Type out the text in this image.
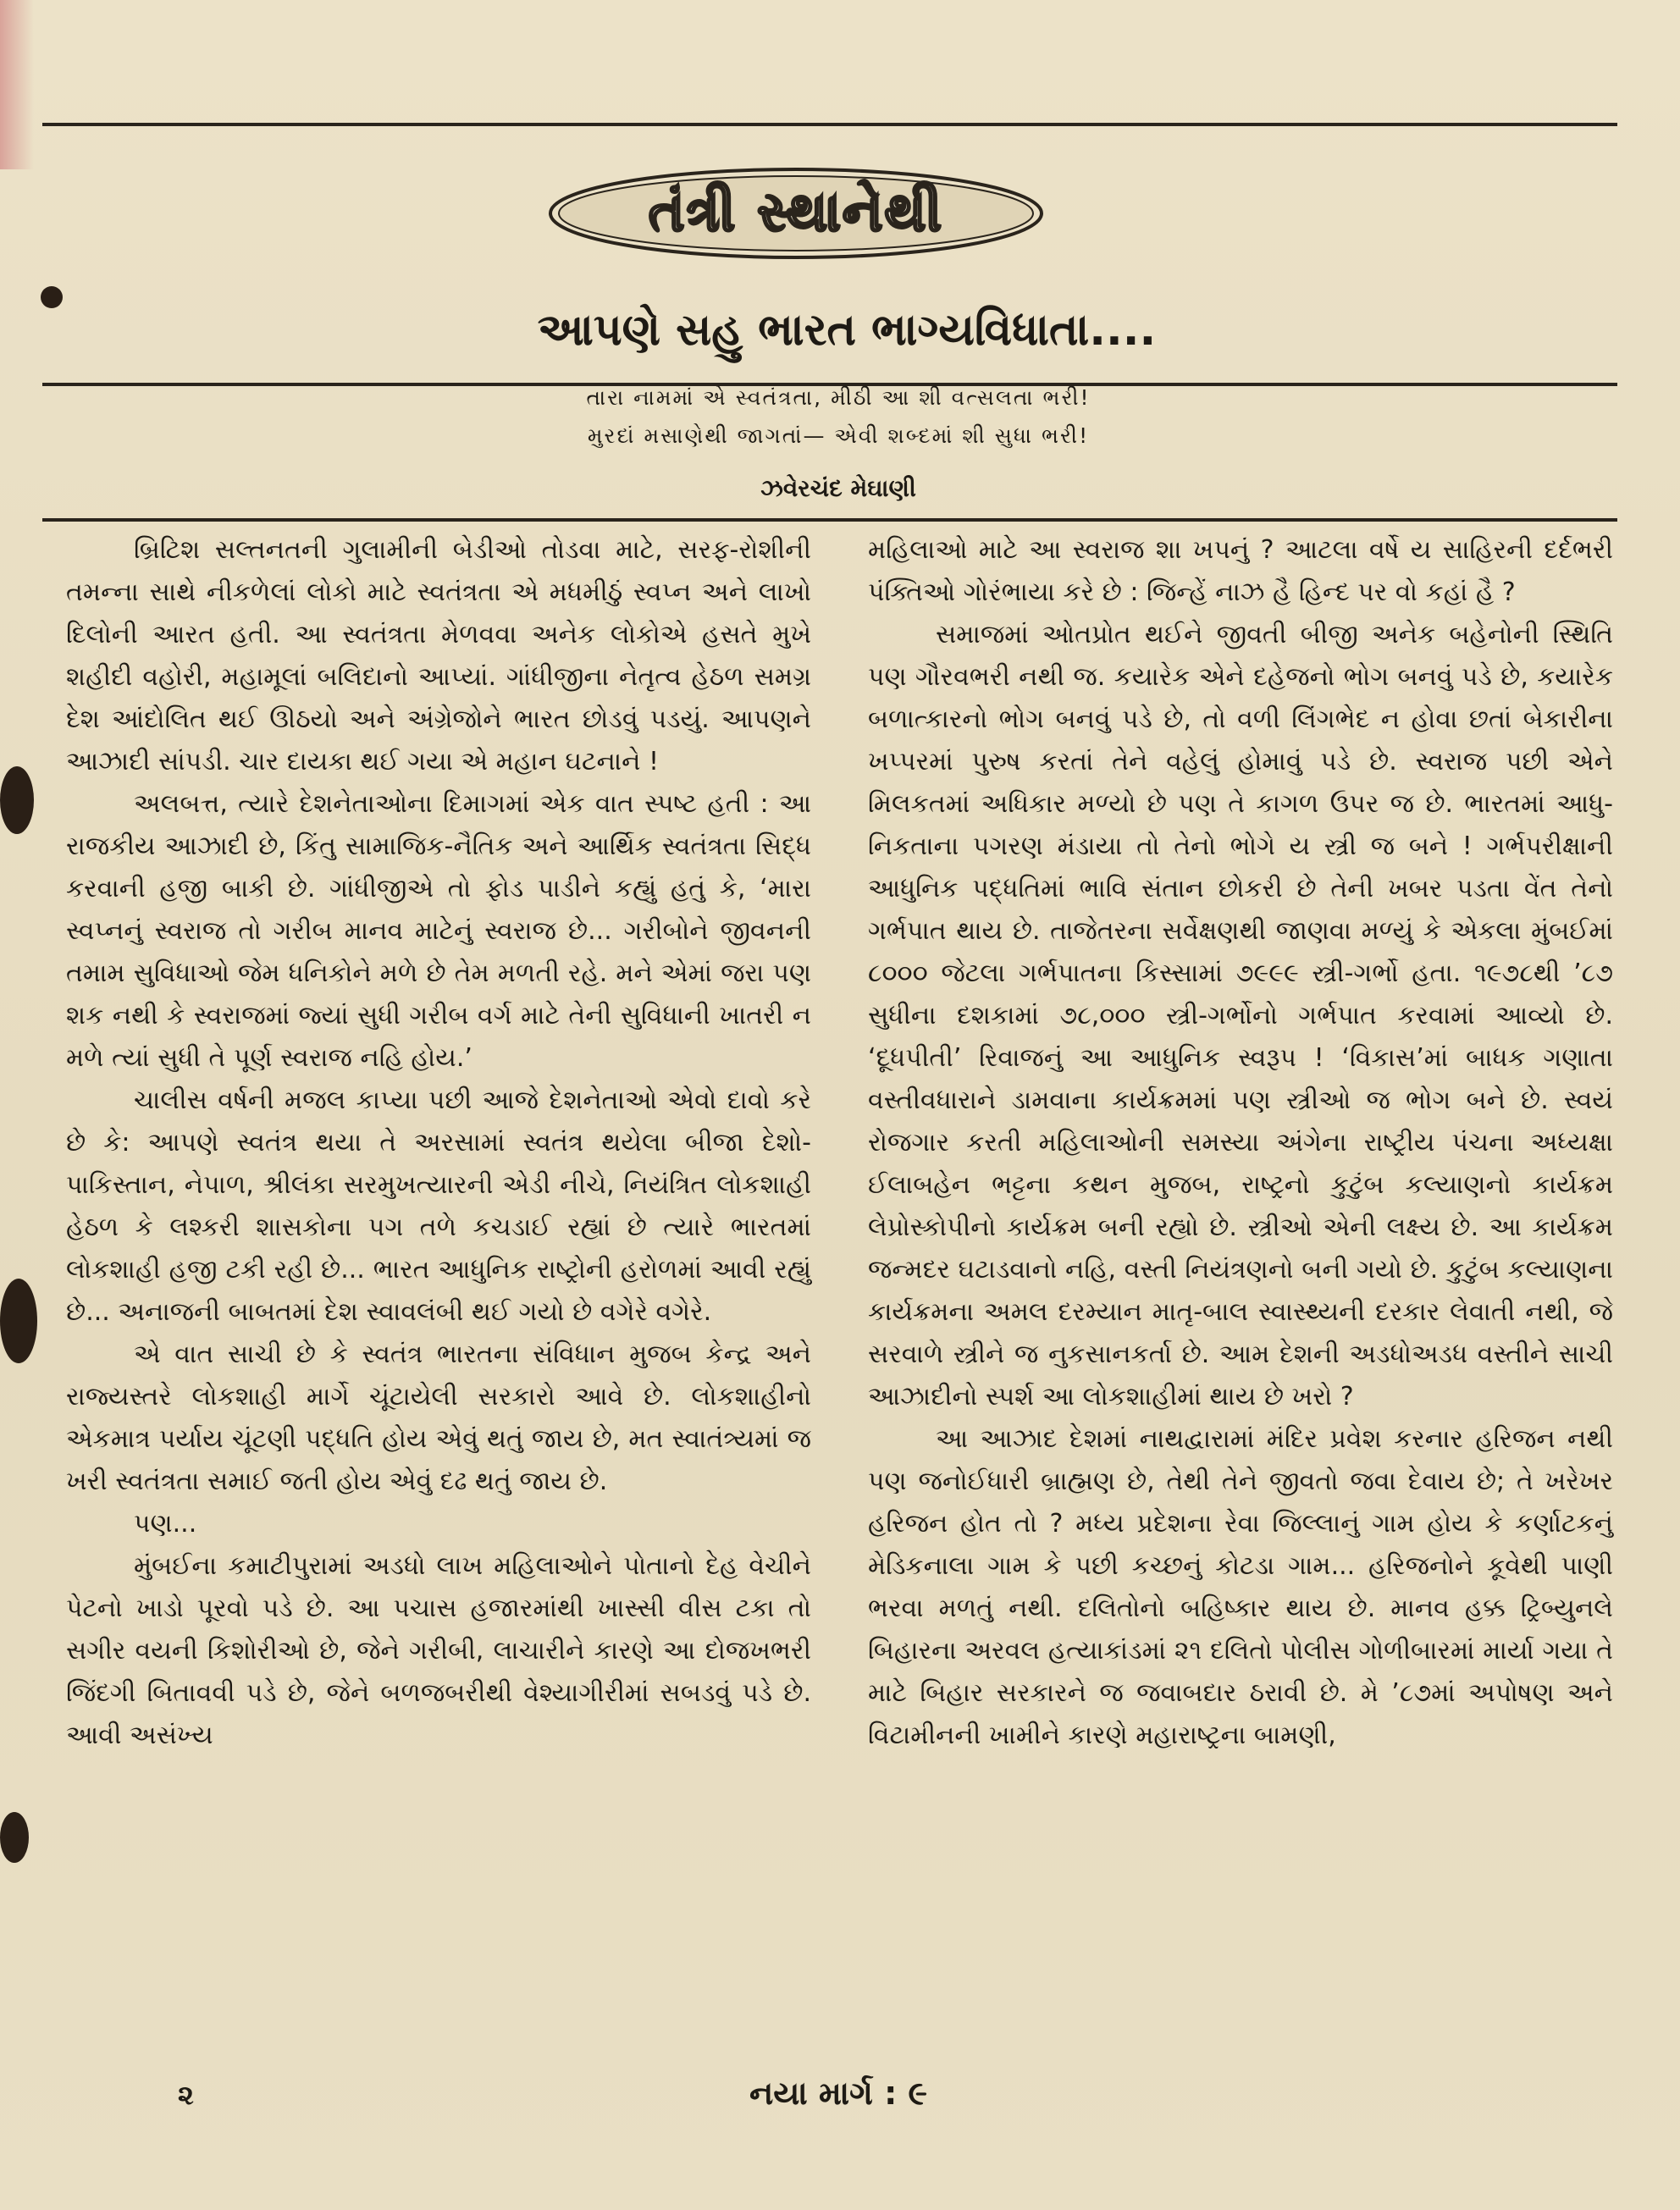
તંત્રી સ્થાનેથી
આપણે સહુ ભારત ભાગ્યવિધાતા....
તારા નામમાં એ સ્વતંત્રતા, મીઠી આ શી વત્સલતા ભરી!
મુરદાં મસાણેથી જાગતાં— એવી શબ્દમાં શી સુધા ભરી!
ઝવેરચંદ મેઘાણી

બ્રિટિશ સલ્તનતની ગુલામીની બેડીઓ તોડવા માટે, સરફ-રોશીની તમન્ના સાથે નીકળેલાં લોકો માટે સ્વતંત્રતા એ મધમીઠું સ્વપ્ન અને લાખો દિલોની આરત હતી. આ સ્વતંત્રતા મેળવવા અનેક લોકોએ હસતે મુખે શહીદી વહોરી, મહામૂલાં બલિદાનો આપ્યાં. ગાંધીજીના નેતૃત્વ હેઠળ સમગ્ર દેશ આંદોલિત થઈ ઊઠયો અને અંગ્રેજોને ભારત છોડવું પડયું. આપણને આઝાદી સાંપડી. ચાર દાયકા થઈ ગયા એ મહાન ઘટનાને !

અલબત્ત, ત્યારે દેશનેતાઓના દિમાગમાં એક વાત સ્પષ્ટ હતી : આ રાજકીય આઝાદી છે, કિંતુ સામાજિક-નૈતિક અને આર્થિક સ્વતંત્રતા સિદ્ધ કરવાની હજી બાકી છે. ગાંધીજીએ તો ફોડ પાડીને કહ્યું હતું કે, ‘મારા સ્વપ્નનું સ્વરાજ તો ગરીબ માનવ માટેનું સ્વરાજ છે... ગરીબોને જીવનની તમામ સુવિધાઓ જેમ ધનિકોને મળે છે તેમ મળતી રહે. મને એમાં જરા પણ શક નથી કે સ્વરાજમાં જ્યાં સુધી ગરીબ વર્ગ માટે તેની સુવિધાની ખાતરી ન મળે ત્યાં સુધી તે પૂર્ણ સ્વરાજ નહિ હોય.’

ચાલીસ વર્ષની મજલ કાપ્યા પછી આજે દેશનેતાઓ એવો દાવો કરે છે કે: આપણે સ્વતંત્ર થયા તે અરસામાં સ્વતંત્ર થયેલા બીજા દેશો-પાકિસ્તાન, નેપાળ, શ્રીલંકા સરમુખત્યારની એડી નીચે, નિયંત્રિત લોકશાહી હેઠળ કે લશ્કરી શાસકોના પગ તળે કચડાઈ રહ્યાં છે ત્યારે ભારતમાં લોકશાહી હજી ટકી રહી છે... ભારત આધુનિક રાષ્ટ્રોની હરોળમાં આવી રહ્યું છે... અનાજની બાબતમાં દેશ સ્વાવલંબી થઈ ગયો છે વગેરે વગેરે.

એ વાત સાચી છે કે સ્વતંત્ર ભારતના સંવિધાન મુજબ કેન્દ્ર અને રાજ્યસ્તરે લોકશાહી માર્ગે ચૂંટાયેલી સરકારો આવે છે. લોકશાહીનો એકમાત્ર પર્યાય ચૂંટણી પદ્ધતિ હોય એવું થતું જાય છે, મત સ્વાતંત્ર્યમાં જ ખરી સ્વતંત્રતા સમાઈ જતી હોય એવું દઢ થતું જાય છે.

પણ...

મુંબઈના કમાટીપુરામાં અડધો લાખ મહિલાઓને પોતાનો દેહ વેચીને પેટનો ખાડો પૂરવો પડે છે. આ પચાસ હજારમાંથી ખાસ્સી વીસ ટકા તો સગીર વયની કિશોરીઓ છે, જેને ગરીબી, લાચારીને કારણે આ દોજખભરી જિંદગી બિતાવવી પડે છે, જેને બળજબરીથી વેશ્યાગીરીમાં સબડવું પડે છે. આવી અસંખ્ય

મહિલાઓ માટે આ સ્વરાજ શા ખપનું ? આટલા વર્ષે ય સાહિરની દર્દભરી પંક્તિઓ ગોરંભાયા કરે છે : જિન્હેં નાઝ હૈ હિન્દ પર વો કહાં હૈ ?

સમાજમાં ઓતપ્રોત થઈને જીવતી બીજી અનેક બહેનોની સ્થિતિ પણ ગૌરવભરી નથી જ. કયારેક એને દહેજનો ભોગ બનવું પડે છે, કયારેક બળાત્કારનો ભોગ બનવું પડે છે, તો વળી લિંગભેદ ન હોવા છતાં બેકારીના ખપ્પરમાં પુરુષ કરતાં તેને વહેલું હોમાવું પડે છે. સ્વરાજ પછી એને મિલકતમાં અધિકાર મળ્યો છે પણ તે કાગળ ઉપર જ છે. ભારતમાં આધુ-નિકતાના પગરણ મંડાયા તો તેનો ભોગે ય સ્ત્રી જ બને ! ગર્ભપરીક્ષાની આધુનિક પદ્ધતિમાં ભાવિ સંતાન છોકરી છે તેની ખબર પડતા વેંત તેનો ગર્ભપાત થાય છે. તાજેતરના સર્વેક્ષણથી જાણવા મળ્યું કે એકલા મુંબઈમાં ૮૦૦૦ જેટલા ગર્ભપાતના કિસ્સામાં ૭૯૯૯ સ્ત્રી-ગર્ભો હતા. ૧૯૭૮થી ’૮૭ સુધીના દશકામાં ૭૮,૦૦૦ સ્ત્રી-ગર્ભોનો ગર્ભપાત કરવામાં આવ્યો છે. ‘દૂધપીતી’ રિવાજનું આ આધુનિક સ્વરૂપ ! ‘વિકાસ’માં બાધક ગણાતા વસ્તીવધારાને ડામવાના કાર્યક્રમમાં પણ સ્ત્રીઓ જ ભોગ બને છે. સ્વયં રોજગાર કરતી મહિલાઓની સમસ્યા અંગેના રાષ્ટ્રીય પંચના અધ્યક્ષા ઈલાબહેન ભટ્ટના કથન મુજબ, રાષ્ટ્રનો કુટુંબ કલ્યાણનો કાર્યક્રમ લેપ્રોસ્કોપીનો કાર્યક્રમ બની રહ્યો છે. સ્ત્રીઓ એની લક્ષ્ય છે. આ કાર્યક્રમ જન્મદર ઘટાડવાનો નહિ, વસ્તી નિયંત્રણનો બની ગયો છે. કુટુંબ કલ્યાણના કાર્યક્રમના અમલ દરમ્યાન માતૃ-બાલ સ્વાસ્થ્યની દરકાર લેવાતી નથી, જે સરવાળે સ્ત્રીને જ નુકસાનકર્તા છે. આમ દેશની અડધોઅડધ વસ્તીને સાચી આઝાદીનો સ્પર્શ આ લોકશાહીમાં થાય છે ખરો ?

આ આઝાદ દેશમાં નાથદ્વારામાં મંદિર પ્રવેશ કરનાર હરિજન નથી પણ જનોઈધારી બ્રાહ્મણ છે, તેથી તેને જીવતો જવા દેવાય છે; તે ખરેખર હરિજન હોત તો ? મધ્ય પ્રદેશના રેવા જિલ્લાનું ગામ હોય કે કર્ણાટકનું મેડિકનાલા ગામ કે પછી કચ્છનું કોટડા ગામ... હરિજનોને કૂવેથી પાણી ભરવા મળતું નથી. દલિતોનો બહિષ્કાર થાય છે. માનવ હક્ક ટ્રિબ્યુનલે બિહારના અરવલ હત્યાકાંડમાં ૨૧ દલિતો પોલીસ ગોળીબારમાં માર્યા ગયા તે માટે બિહાર સરકારને જ જવાબદાર ઠરાવી છે. મે ’૮૭માં અપોષણ અને વિટામીનની ખામીને કારણે મહારાષ્ટ્રના બામણી,

૨	નયા માર્ગ : ૯
